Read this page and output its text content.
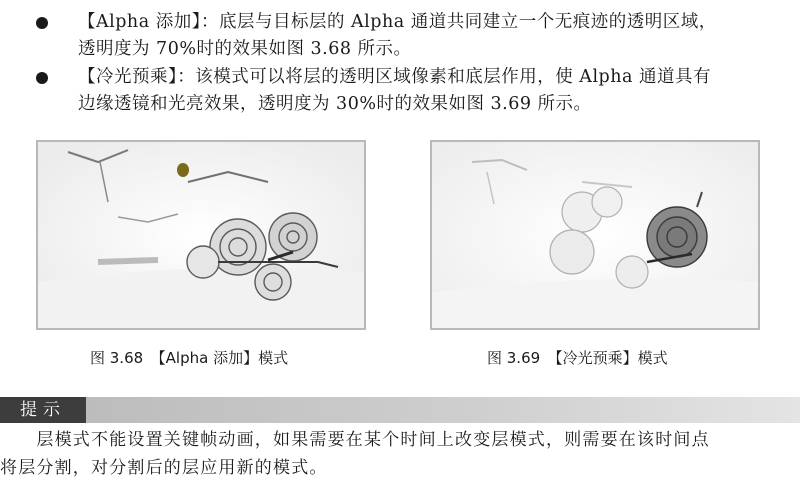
【Alpha 添加】：底层与目标层的 Alpha 通道共同建立一个无痕迹的透明区域，
透明度为 70%时的效果如图 3.68 所示。
【冷光预乘】：该模式可以将层的透明区域像素和底层作用，使 Alpha 通道具有
边缘透镜和光亮效果，透明度为 30%时的效果如图 3.69 所示。
图 3.68　【Alpha 添加】模式	图 3.69　【冷光预乘】模式
提示
　　层模式不能设置关键帧动画，如果需要在某个时间上改变层模式，则需要在该时间点
将层分割，对分割后的层应用新的模式。
